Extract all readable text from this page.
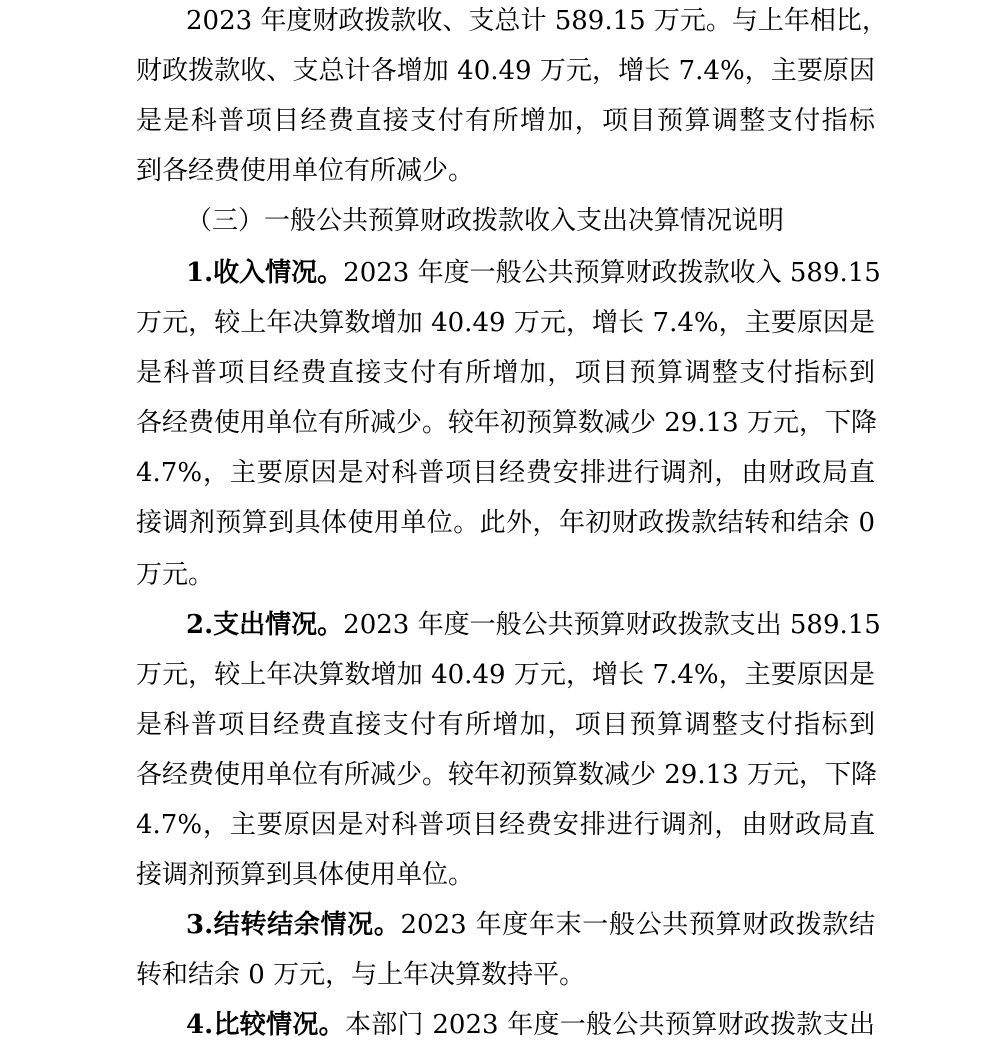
2023 年度财政拨款收、支总计 589.15 万元。与上年相比，
财政拨款收、支总计各增加 40.49 万元，增长 7.4%，主要原因
是是科普项目经费直接支付有所增加，项目预算调整支付指标
到各经费使用单位有所减少。
（三）一般公共预算财政拨款收入支出决算情况说明
1.收入情况。2023 年度一般公共预算财政拨款收入 589.15
万元，较上年决算数增加 40.49 万元，增长 7.4%，主要原因是
是科普项目经费直接支付有所增加，项目预算调整支付指标到
各经费使用单位有所减少。较年初预算数减少 29.13 万元，下降
4.7%，主要原因是对科普项目经费安排进行调剂，由财政局直
接调剂预算到具体使用单位。此外，年初财政拨款结转和结余 0
万元。
2.支出情况。2023 年度一般公共预算财政拨款支出 589.15
万元，较上年决算数增加 40.49 万元，增长 7.4%，主要原因是
是科普项目经费直接支付有所增加，项目预算调整支付指标到
各经费使用单位有所减少。较年初预算数减少 29.13 万元，下降
4.7%，主要原因是对科普项目经费安排进行调剂，由财政局直
接调剂预算到具体使用单位。
3.结转结余情况。2023 年度年末一般公共预算财政拨款结
转和结余 0 万元，与上年决算数持平。
4.比较情况。本部门 2023 年度一般公共预算财政拨款支出
